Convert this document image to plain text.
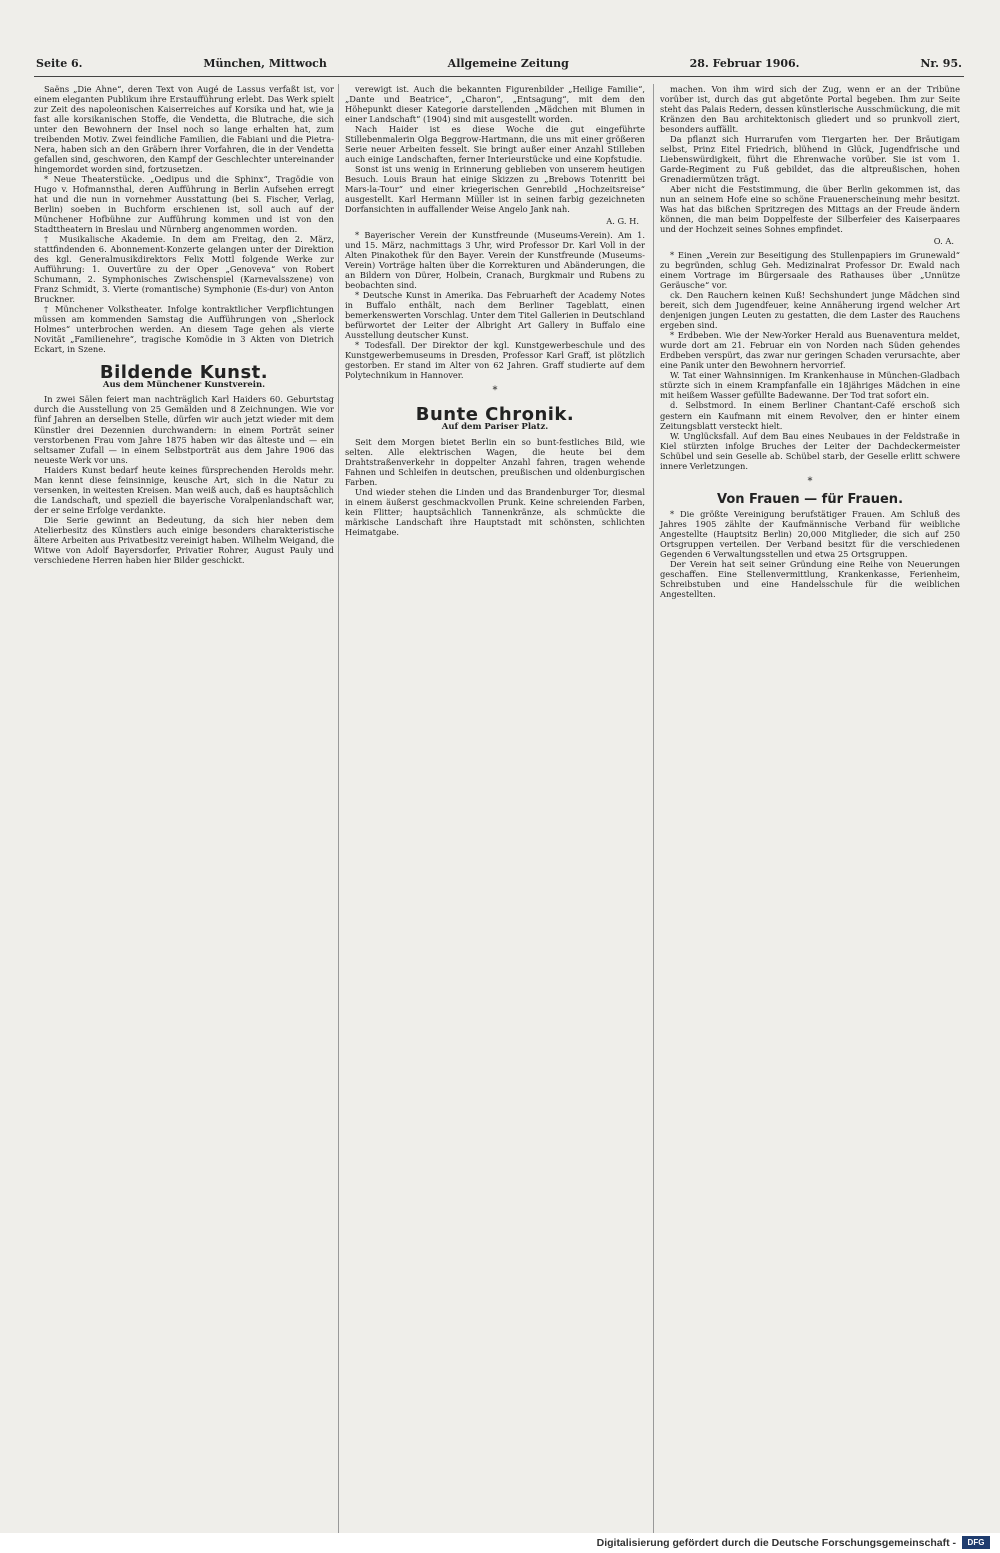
Seite 6.	München, Mittwoch	Allgemeine Zeitung	28. Februar 1906.	Nr. 95.

Saëns „Die Ahne“, deren Text von Augé de Lassus verfaßt ist, vor einem eleganten Publikum ihre Erstaufführung erlebt. Das Werk spielt zur Zeit des napoleonischen Kaiserreiches auf Korsika und hat, wie ja fast alle korsikanischen Stoffe, die Vendetta, die Blutrache, die sich unter den Bewohnern der Insel noch so lange erhalten hat, zum treibenden Motiv. Zwei feindliche Familien, die Fabiani und die Pietra-Nera, haben sich an den Gräbern ihrer Vorfahren, die in der Vendetta gefallen sind, geschworen, den Kampf der Geschlechter untereinander hingemordet worden sind, fortzusetzen.

* Neue Theaterstücke. „Oedipus und die Sphinx“, Tragödie von Hugo v. Hofmannsthal, deren Aufführung in Berlin Aufsehen erregt hat und die nun in vornehmer Ausstattung (bei S. Fischer, Verlag, Berlin) soeben in Buchform erschienen ist, soll auch auf der Münchener Hofbühne zur Aufführung kommen und ist von den Stadttheatern in Breslau und Nürnberg angenommen worden.

† Musikalische Akademie. In dem am Freitag, den 2. März, stattfindenden 6. Abonnement-Konzerte gelangen unter der Direktion des kgl. Generalmusikdirektors Felix Mottl folgende Werke zur Aufführung: 1. Ouvertüre zu der Oper „Genoveva“ von Robert Schumann, 2. Symphonisches Zwischenspiel (Karnevalsszene) von Franz Schmidt, 3. Vierte (romantische) Symphonie (Es-dur) von Anton Bruckner.

† Münchener Volkstheater. Infolge kontraktlicher Verpflichtungen müssen am kommenden Samstag die Aufführungen von „Sherlock Holmes“ unterbrochen werden. An diesem Tage gehen als vierte Novität „Familienehre“, tragische Komödie in 3 Akten von Dietrich Eckart, in Szene.

Bildende Kunst.
Aus dem Münchener Kunstverein.

In zwei Sälen feiert man nachträglich Karl Haiders 60. Geburtstag durch die Ausstellung von 25 Gemälden und 8 Zeichnungen. Wie vor fünf Jahren an derselben Stelle, dürfen wir auch jetzt wieder mit dem Künstler drei Dezennien durchwandern: in einem Porträt seiner verstorbenen Frau vom Jahre 1875 haben wir das älteste und — ein seltsamer Zufall — in einem Selbstporträt aus dem Jahre 1906 das neueste Werk vor uns.

Haiders Kunst bedarf heute keines fürsprechenden Herolds mehr. Man kennt diese feinsinnige, keusche Art, sich in die Natur zu versenken, in weitesten Kreisen. Man weiß auch, daß es hauptsächlich die Landschaft, und speziell die bayerische Voralpenlandschaft war, der er seine Erfolge verdankte.

Die Serie gewinnt an Bedeutung, da sich hier neben dem Atelierbesitz des Künstlers auch einige besonders charakteristische ältere Arbeiten aus Privatbesitz vereinigt haben. Wilhelm Weigand, die Witwe von Adolf Bayersdorfer, Privatier Rohrer, August Pauly und verschiedene Herren haben hier Bilder geschickt.

verewigt ist. Auch die bekannten Figurenbilder „Heilige Familie“, „Dante und Beatrice“, „Charon“, „Entsagung“, mit dem den Höhepunkt dieser Kategorie darstellenden „Mädchen mit Blumen in einer Landschaft“ (1904) sind mit ausgestellt worden.

Nach Haider ist es diese Woche die gut eingeführte Stillebenmalerin Olga Beggrow-Hartmann, die uns mit einer größeren Serie neuer Arbeiten fesselt. Sie bringt außer einer Anzahl Stilleben auch einige Landschaften, ferner Interieurstücke und eine Kopfstudie.

Sonst ist uns wenig in Erinnerung geblieben von unserem heutigen Besuch. Louis Braun hat einige Skizzen zu „Brebows Totenritt bei Mars-la-Tour“ und einer kriegerischen Genrebild „Hochzeitsreise“ ausgestellt. Karl Hermann Müller ist in seinen farbig gezeichneten Dorfansichten in auffallender Weise Angelo Jank nah.

A. G. H.

* Bayerischer Verein der Kunstfreunde (Museums-Verein). Am 1. und 15. März, nachmittags 3 Uhr, wird Professor Dr. Karl Voll in der Alten Pinakothek für den Bayer. Verein der Kunstfreunde (Museums-Verein) Vorträge halten über die Korrekturen und Abänderungen, die an Bildern von Dürer, Holbein, Cranach, Burgkmair und Rubens zu beobachten sind.

* Deutsche Kunst in Amerika. Das Februarheft der Academy Notes in Buffalo enthält, nach dem Berliner Tageblatt, einen bemerkenswerten Vorschlag. Unter dem Titel Gallerien in Deutschland befürwortet der Leiter der Albright Art Gallery in Buffalo eine Ausstellung deutscher Kunst.

* Todesfall. Der Direktor der kgl. Kunstgewerbeschule und des Kunstgewerbemuseums in Dresden, Professor Karl Graff, ist plötzlich gestorben. Er stand im Alter von 62 Jahren. Graff studierte auf dem Polytechnikum in Hannover.

*
Bunte Chronik.
Auf dem Pariser Platz.

Seit dem Morgen bietet Berlin ein so bunt-festliches Bild, wie selten. Alle elektrischen Wagen, die heute bei dem Drahtstraßenverkehr in doppelter Anzahl fahren, tragen wehende Fahnen und Schleifen in deutschen, preußischen und oldenburgischen Farben.

Und wieder stehen die Linden und das Brandenburger Tor, diesmal in einem äußerst geschmackvollen Prunk. Keine schreienden Farben, kein Flitter; hauptsächlich Tannenkränze, als schmückte die märkische Landschaft ihre Hauptstadt mit schönsten, schlichten Heimatgabe.

machen. Von ihm wird sich der Zug, wenn er an der Tribüne vorüber ist, durch das gut abgetönte Portal begeben. Ihm zur Seite steht das Palais Redern, dessen künstlerische Ausschmückung, die mit Kränzen den Bau architektonisch gliedert und so prunkvoll ziert, besonders auffällt.

Da pflanzt sich Hurrarufen vom Tiergarten her. Der Bräutigam selbst, Prinz Eitel Friedrich, blühend in Glück, Jugendfrische und Liebenswürdigkeit, führt die Ehrenwache vorüber. Sie ist vom 1. Garde-Regiment zu Fuß gebildet, das die altpreußischen, hohen Grenadiermützen trägt.

Aber nicht die Feststimmung, die über Berlin gekommen ist, das nun an seinem Hofe eine so schöne Frauenerscheinung mehr besitzt. Was hat das bißchen Spritzregen des Mittags an der Freude ändern können, die man beim Doppelfeste der Silberfeier des Kaiserpaares und der Hochzeit seines Sohnes empfindet.

O. A.

* Einen „Verein zur Beseitigung des Stullenpapiers im Grunewald“ zu begründen, schlug Geh. Medizinalrat Professor Dr. Ewald nach einem Vortrage im Bürgersaale des Rathauses über „Unnütze Geräusche“ vor.

ck. Den Rauchern keinen Kuß! Sechshundert junge Mädchen sind bereit, sich dem Jugendfeuer, keine Annäherung irgend welcher Art denjenigen jungen Leuten zu gestatten, die dem Laster des Rauchens ergeben sind.

* Erdbeben. Wie der New-Yorker Herald aus Buenaventura meldet, wurde dort am 21. Februar ein von Norden nach Süden gehendes Erdbeben verspürt, das zwar nur geringen Schaden verursachte, aber eine Panik unter den Bewohnern hervorrief.

W. Tat einer Wahnsinnigen. Im Krankenhause in München-Gladbach stürzte sich in einem Krampfanfalle ein 18jähriges Mädchen in eine mit heißem Wasser gefüllte Badewanne. Der Tod trat sofort ein.

d. Selbstmord. In einem Berliner Chantant-Café erschoß sich gestern ein Kaufmann mit einem Revolver, den er hinter einem Zeitungsblatt versteckt hielt.

W. Unglücksfall. Auf dem Bau eines Neubaues in der Feldstraße in Kiel stürzten infolge Bruches der Leiter der Dachdeckermeister Schübel und sein Geselle ab. Schübel starb, der Geselle erlitt schwere innere Verletzungen.

*
Von Frauen — für Frauen.

* Die größte Vereinigung berufstätiger Frauen. Am Schluß des Jahres 1905 zählte der Kaufmännische Verband für weibliche Angestellte (Hauptsitz Berlin) 20,000 Mitglieder, die sich auf 250 Ortsgruppen verteilen. Der Verband besitzt für die verschiedenen Gegenden 6 Verwaltungsstellen und etwa 25 Ortsgruppen.

Der Verein hat seit seiner Gründung eine Reihe von Neuerungen geschaffen. Eine Stellenvermittlung, Krankenkasse, Ferienheim, Schreibstuben und eine Handelsschule für die weiblichen Angestellten.

Digitalisierung gefördert durch die Deutsche Forschungsgemeinschaft -	DFG
